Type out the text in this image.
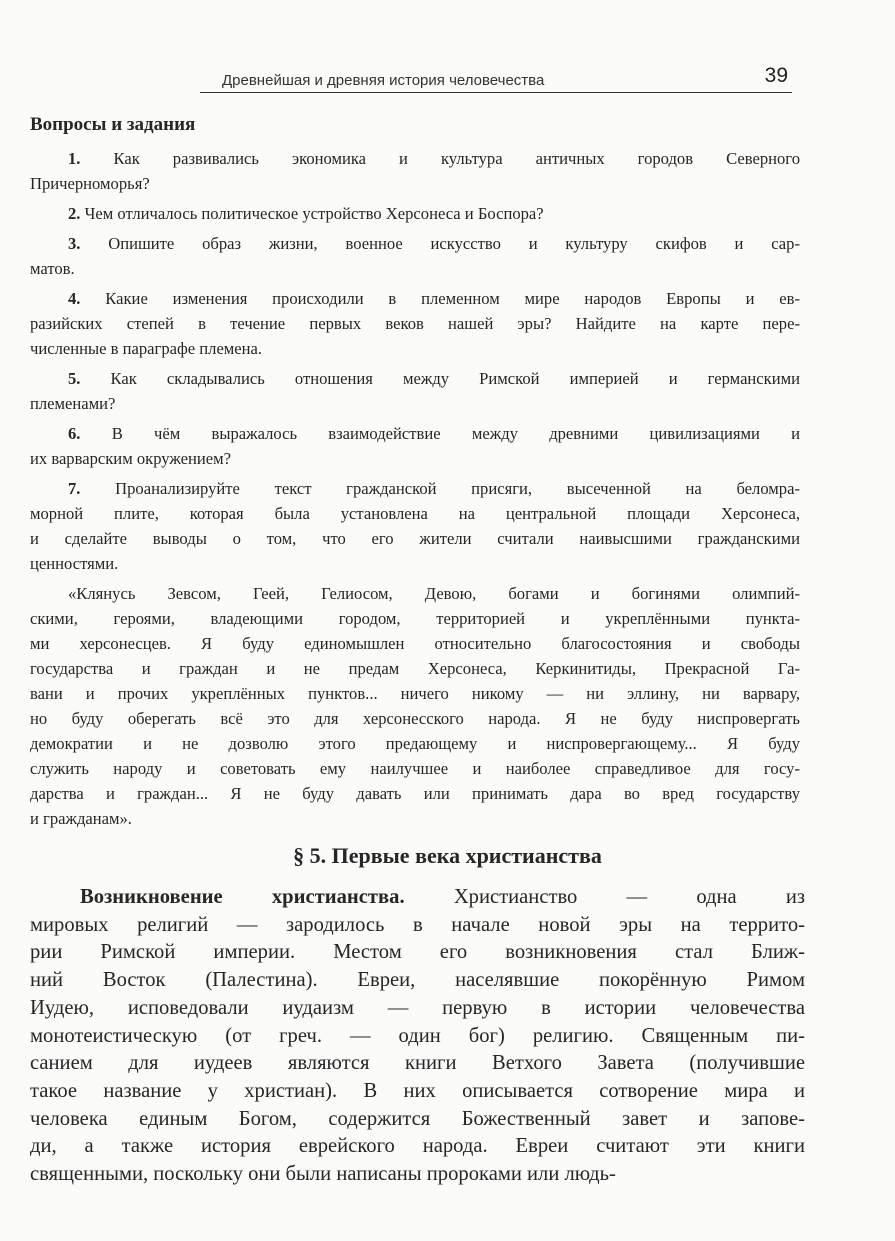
Древнейшая и древняя история человечества	39
Вопросы и задания
1. Как развивались экономика и культура античных городов Северного
Причерноморья?
2. Чем отличалось политическое устройство Херсонеса и Боспора?
3. Опишите образ жизни, военное искусство и культуру скифов и сар-
матов.
4. Какие изменения происходили в племенном мире народов Европы и ев-
разийских степей в течение первых веков нашей эры? Найдите на карте пере-
численные в параграфе племена.
5. Как складывались отношения между Римской империей и германскими
племенами?
6. В чём выражалось взаимодействие между древними цивилизациями и
их варварским окружением?
7. Проанализируйте текст гражданской присяги, высеченной на беломра-
морной плите, которая была установлена на центральной площади Херсонеса,
и сделайте выводы о том, что его жители считали наивысшими гражданскими
ценностями.
«Клянусь Зевсом, Геей, Гелиосом, Девою, богами и богинями олимпий-
скими, героями, владеющими городом, территорией и укреплёнными пункта-
ми херсонесцев. Я буду единомышлен относительно благосостояния и свободы
государства и граждан и не предам Херсонеса, Керкинитиды, Прекрасной Га-
вани и прочих укреплённых пунктов... ничего никому — ни эллину, ни варвару,
но буду оберегать всё это для херсонесского народа. Я не буду ниспровергать
демократии и не дозволю этого предающему и ниспровергающему... Я буду
служить народу и советовать ему наилучшее и наиболее справедливое для госу-
дарства и граждан... Я не буду давать или принимать дара во вред государству
и гражданам».
§ 5. Первые века христианства
Возникновение христианства. Христианство — одна из
мировых религий — зародилось в начале новой эры на террито-
рии Римской империи. Местом его возникновения стал Ближ-
ний Восток (Палестина). Евреи, населявшие покорённую Римом
Иудею, исповедовали иудаизм — первую в истории человечества
монотеистическую (от греч. — один бог) религию. Священным пи-
санием для иудеев являются книги Ветхого Завета (получившие
такое название у христиан). В них описывается сотворение мира и
человека единым Богом, содержится Божественный завет и запове-
ди, а также история еврейского народа. Евреи считают эти книги
священными, поскольку они были написаны пророками или людь-
